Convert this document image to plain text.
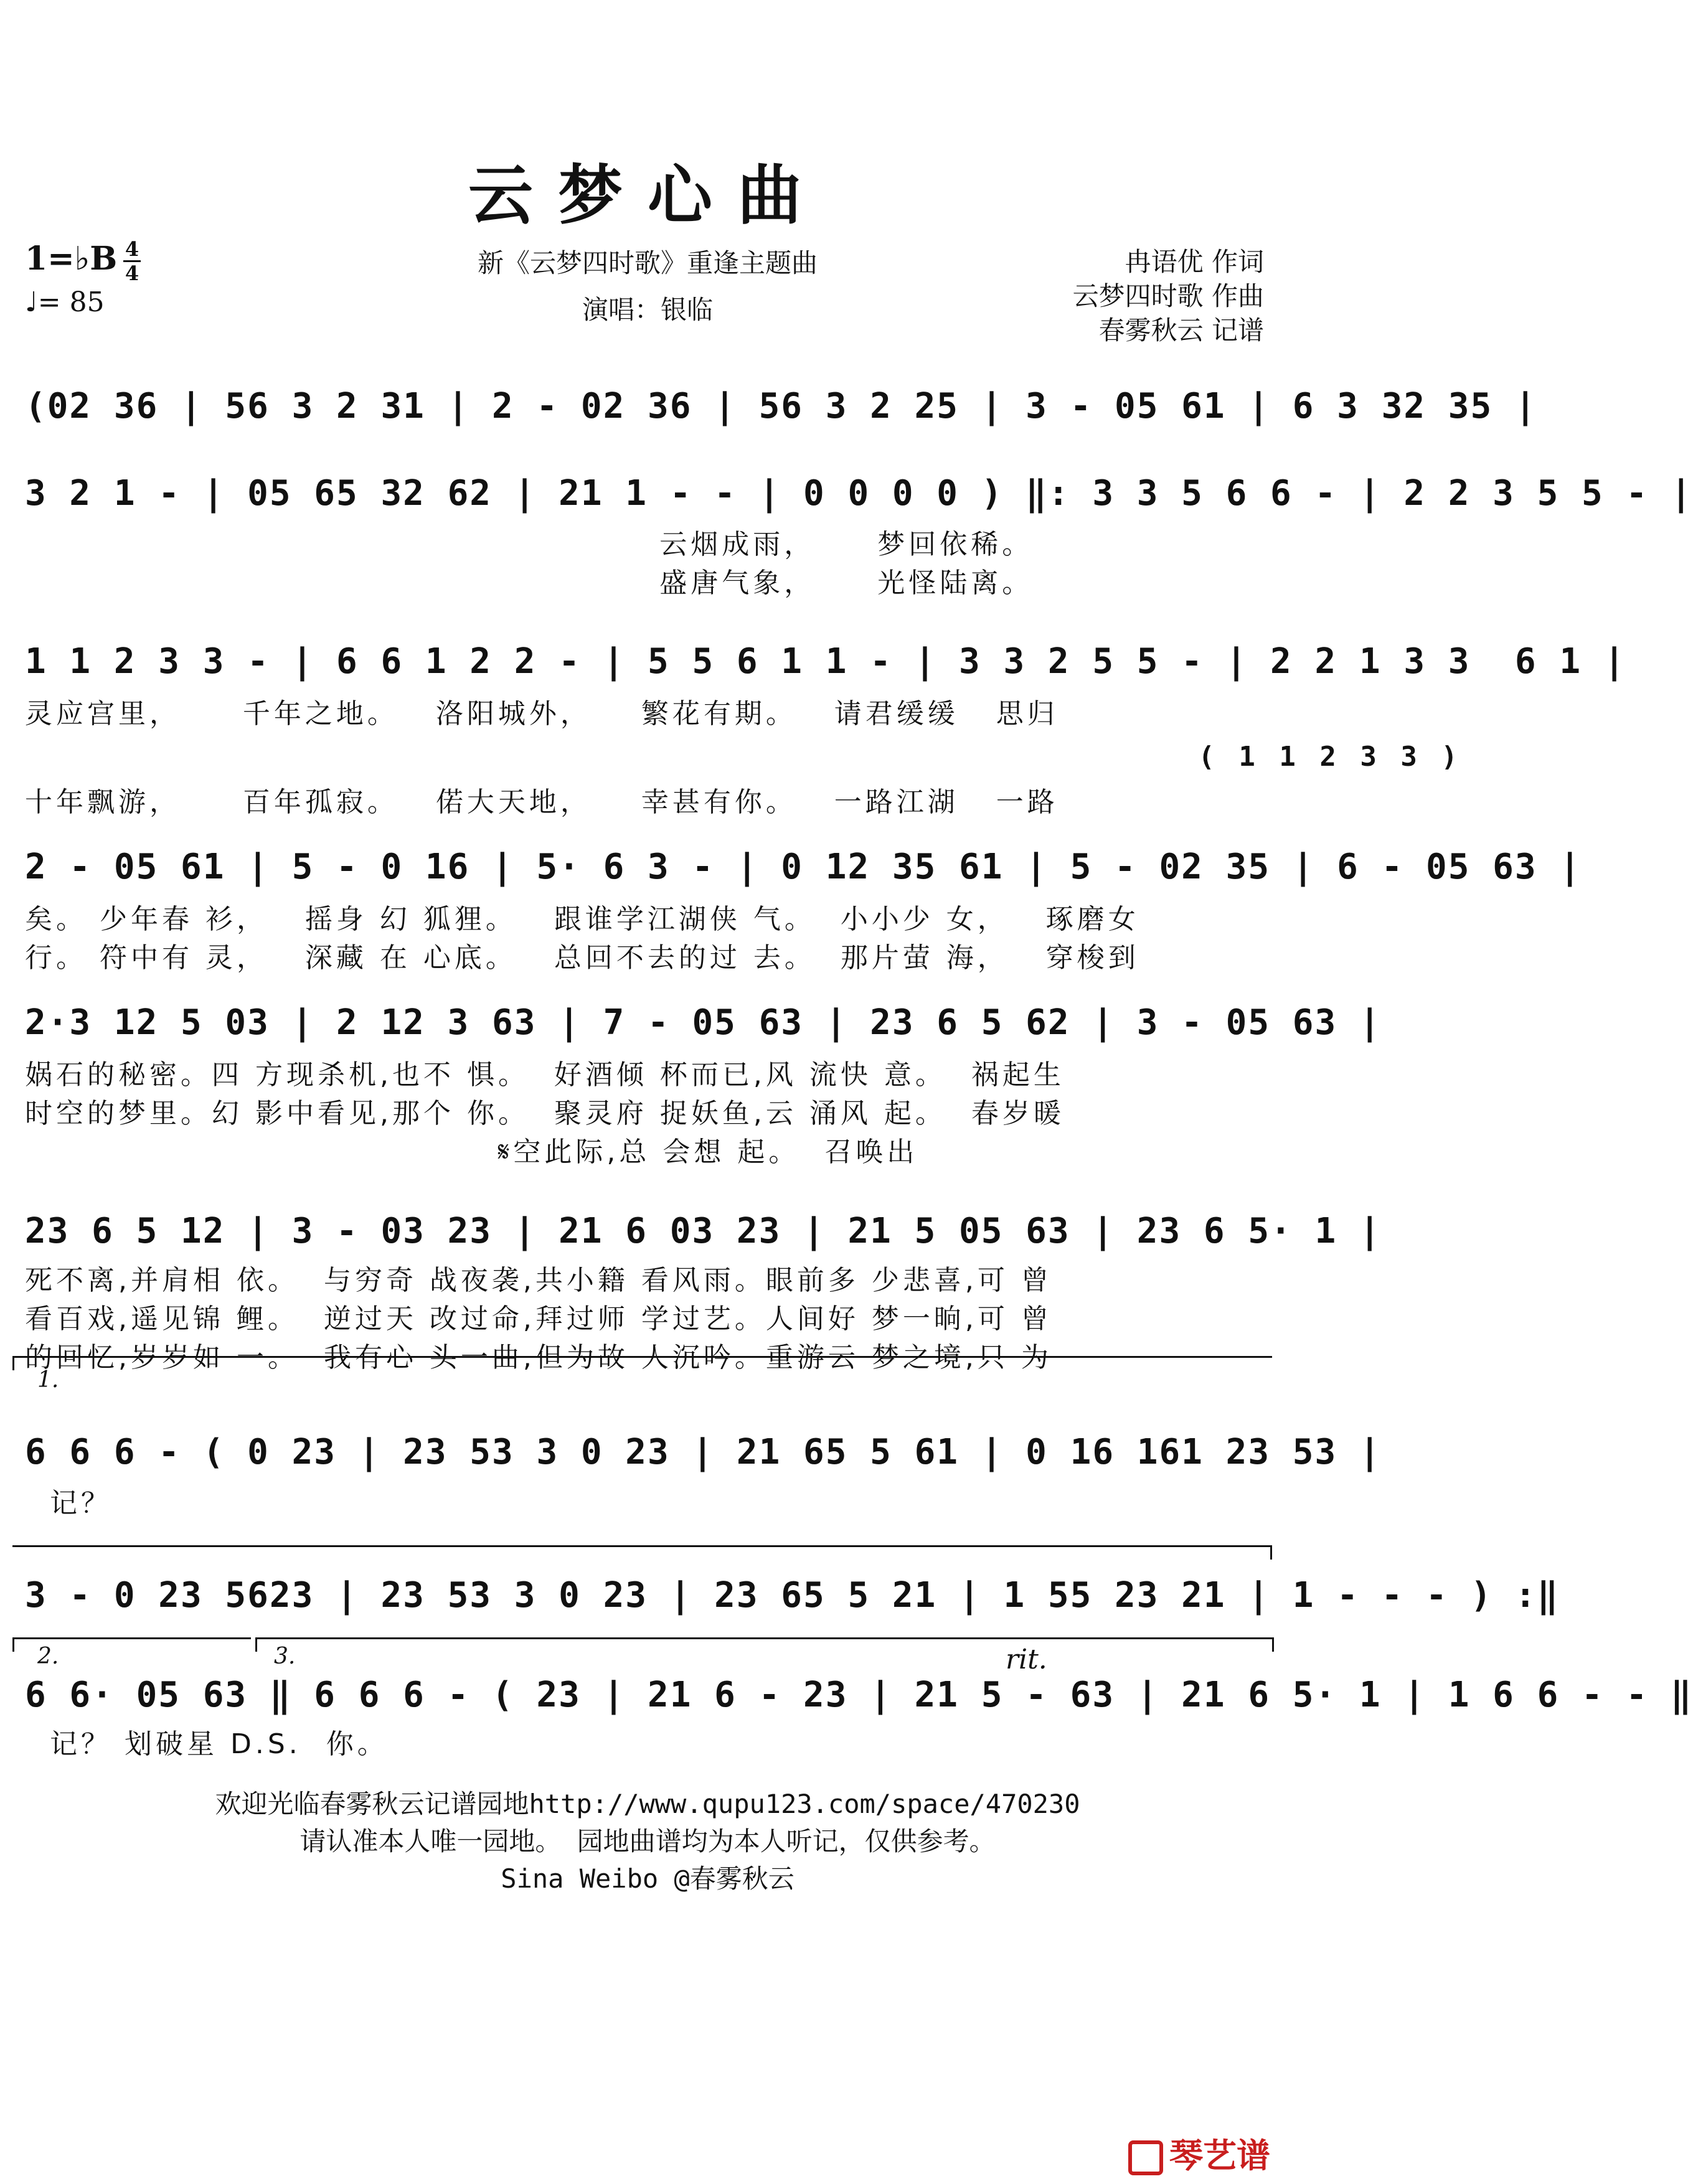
云梦心曲
1=♭B 4
4
♩= 85
新《云梦四时歌》重逢主题曲
演唱：银临
冉语优 作词
云梦四时歌 作曲
春雾秋云 记谱
(02 36 | 56 3 2 31 | 2 - 02 36 | 56 3 2 25 | 3 - 05 61 | 6 3 32 35 |
3 2 1 - | 05 65 32 62 | 21 1 - - | 0 0 0 0 ) ‖: 3 3 5 6 6 - | 2 2 3 5 5 - |
云烟成雨，     梦回依稀。
盛唐气象，     光怪陆离。
1 1 2 3 3 - | 6 6 1 2 2 - | 5 5 6 1 1 - | 3 3 2 5 5 - | 2 2 1 3 3  6 1 |
灵应宫里，     千年之地。   洛阳城外，    繁花有期。   请君缓缓   思归
( 1 1 2 3 3 )
十年飘游，     百年孤寂。   偌大天地，    幸甚有你。   一路江湖   一路
2 - 05 61 | 5 - 0 16 | 5· 6 3 - | 0 12 35 61 | 5 - 02 35 | 6 - 05 63 |
矣。 少年春 衫，   摇身 幻 狐狸。   跟谁学江湖侠 气。  小小少 女，   琢磨女
行。 符中有 灵，   深藏 在 心底。   总回不去的过 去。  那片萤 海，   穿梭到
2·3 12 5 03 | 2 12 3 63 | 7 - 05 63 | 23 6 5 62 | 3 - 05 63 |
娲石的秘密。四 方现杀机,也不 惧。  好酒倾 杯而已,风 流快 意。  祸起生
时空的梦里。幻 影中看见,那个 你。  聚灵府 捉妖鱼,云 涌风 起。  春岁暖
𝄋空此际,总 会想 起。  召唤出
23 6 5 12 | 3 - 03 23 | 21 6 03 23 | 21 5 05 63 | 23 6 5· 1 |
死不离,并肩相 依。  与穷奇 战夜袭,共小籍 看风雨。眼前多 少悲喜,可 曾
看百戏,遥见锦 鲤。  逆过天 改过命,拜过师 学过艺。人间好 梦一晌,可 曾
的回忆,岁岁如 一。  我有心 头一曲,但为故 人沉吟。重游云 梦之境,只 为
1.
6 6 6 - ( 0 23 | 23 53 3 0 23 | 21 65 5 61 | 0 16 161 23 53 |
记？
3 - 0 23 5623 | 23 53 3 0 23 | 23 65 5 21 | 1 55 23 21 | 1 - - - ) :‖
2.	3.	rit.
6 6· 05 63 ‖ 6 6 6 - ( 23 | 21 6 - 23 | 21 5 - 63 | 21 6 5· 1 | 1 6 6 - - ‖
记？ 划破星 D.S.  你。
欢迎光临春雾秋云记谱园地http://www.qupu123.com/space/470230
请认准本人唯一园地。 园地曲谱均为本人听记，仅供参考。
Sina Weibo @春雾秋云
琴艺谱
